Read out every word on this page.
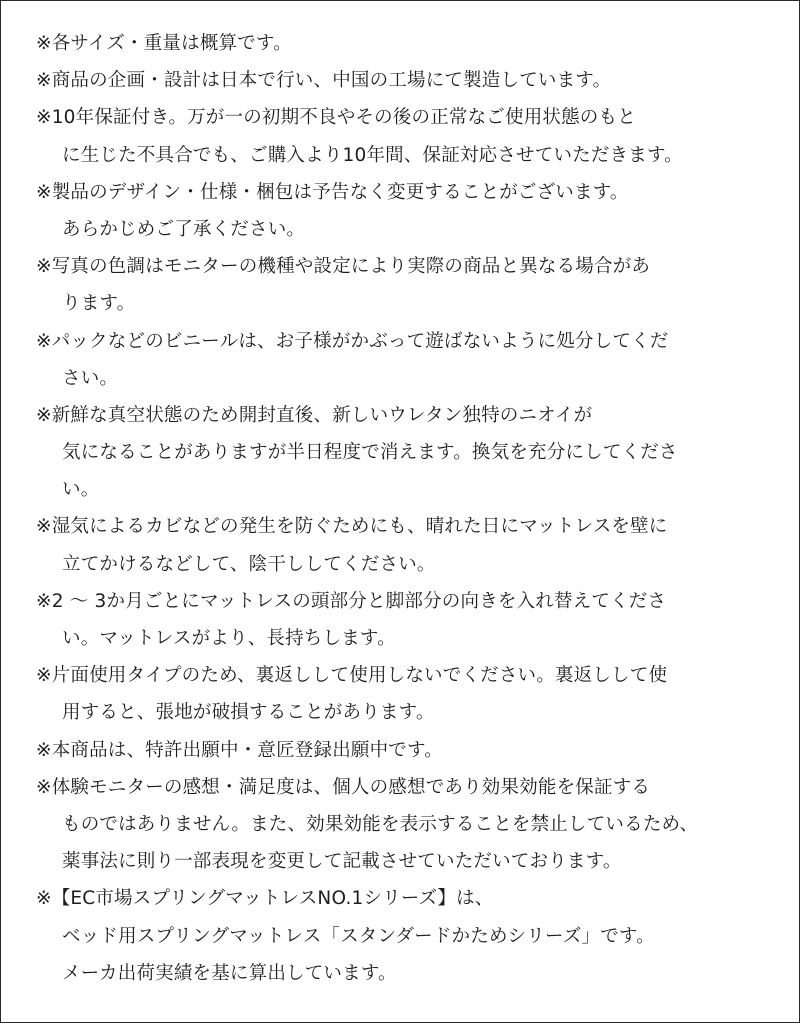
※各サイズ・重量は概算です。
※商品の企画・設計は日本で行い、中国の工場にて製造しています。
※10年保証付き。万が一の初期不良やその後の正常なご使用状態のもと
に生じた不具合でも、ご購入より10年間、保証対応させていただきます。
※製品のデザイン・仕様・梱包は予告なく変更することがございます。
あらかじめご了承ください。
※写真の色調はモニターの機種や設定により実際の商品と異なる場合があ
ります。
※パックなどのビニールは、お子様がかぶって遊ばないように処分してくだ
さい。
※新鮮な真空状態のため開封直後、新しいウレタン独特のニオイが
気になることがありますが半日程度で消えます。換気を充分にしてくださ
い。
※湿気によるカビなどの発生を防ぐためにも、晴れた日にマットレスを壁に
立てかけるなどして、陰干ししてください。
※2 〜 3か月ごとにマットレスの頭部分と脚部分の向きを入れ替えてくださ
い。マットレスがより、長持ちします。
※片面使用タイプのため、裏返しして使用しないでください。裏返しして使
用すると、張地が破損することがあります。
※本商品は、特許出願中・意匠登録出願中です。
※体験モニターの感想・満足度は、個人の感想であり効果効能を保証する
ものではありません。また、効果効能を表示することを禁止しているため、
薬事法に則り一部表現を変更して記載させていただいております。
※【EC市場スプリングマットレスNO.1シリーズ】は、
ベッド用スプリングマットレス「スタンダードかためシリーズ」です。
メーカ出荷実績を基に算出しています。
